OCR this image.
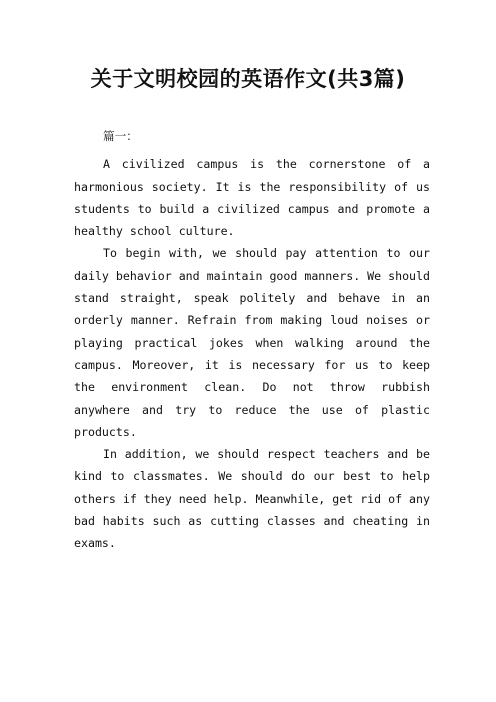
关于文明校园的英语作文(共3篇)

篇一：

A civilized campus is the cornerstone of a harmonious society. It is the responsibility of us students to build a civilized campus and promote a healthy school culture.

To begin with, we should pay attention to our daily behavior and maintain good manners. We should stand straight, speak politely and behave in an orderly manner. Refrain from making loud noises or playing practical jokes when walking around the campus. Moreover, it is necessary for us to keep the environment clean. Do not throw rubbish anywhere and try to reduce the use of plastic products.

In addition, we should respect teachers and be kind to classmates. We should do our best to help others if they need help. Meanwhile, get rid of any bad habits such as cutting classes and cheating in exams.
